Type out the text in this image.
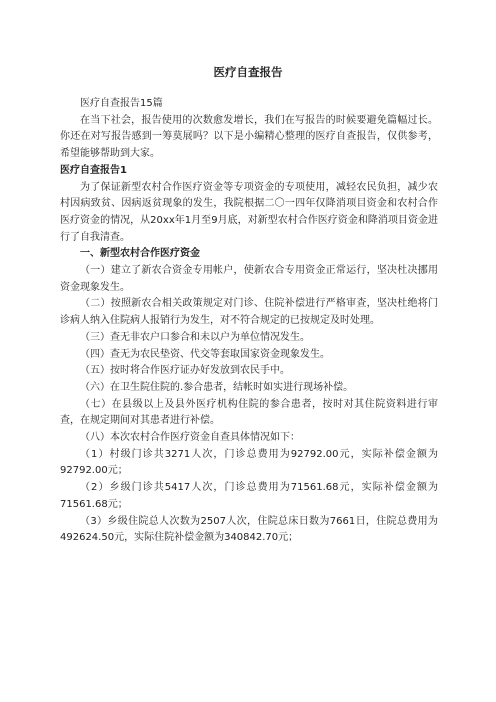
医疗自查报告

医疗自查报告15篇

在当下社会，报告使用的次数愈发增长，我们在写报告的时候要避免篇幅过长。你还在对写报告感到一筹莫展吗？以下是小编精心整理的医疗自查报告，仅供参考，希望能够帮助到大家。

医疗自查报告1

为了保证新型农村合作医疗资金等专项资金的专项使用，减轻农民负担，减少农村因病致贫、因病返贫现象的发生，我院根据二〇一四年仅降消项目资金和农村合作医疗资金的情况，从20xx年1月至9月底，对新型农村合作医疗资金和降消项目资金进行了自我清查。

一、新型农村合作医疗资金

（一）建立了新农合资金专用帐户，使新农合专用资金正常运行，坚决杜决挪用资金现象发生。

（二）按照新农合相关政策规定对门诊、住院补偿进行严格审查，坚决杜绝将门诊病人纳入住院病人报销行为发生，对不符合规定的已按规定及时处理。

（三）查无非农户口参合和未以户为单位情况发生。

（四）查无为农民垫资、代交等套取国家资金现象发生。

（五）按时将合作医疗证办好发放到农民手中。

（六）在卫生院住院的.参合患者，结帐时如实进行现场补偿。

（七）在县级以上及县外医疗机构住院的参合患者，按时对其住院资料进行审查，在规定期间对其患者进行补偿。

（八）本次农村合作医疗资金自查具体情况如下：

（1）村级门诊共3271人次，门诊总费用为92792.00元，实际补偿金额为92792.00元；

（2）乡级门诊共5417人次，门诊总费用为71561.68元，实际补偿金额为71561.68元；

（3）乡级住院总人次数为2507人次，住院总床日数为7661日，住院总费用为492624.50元，实际住院补偿金额为340842.70元；
